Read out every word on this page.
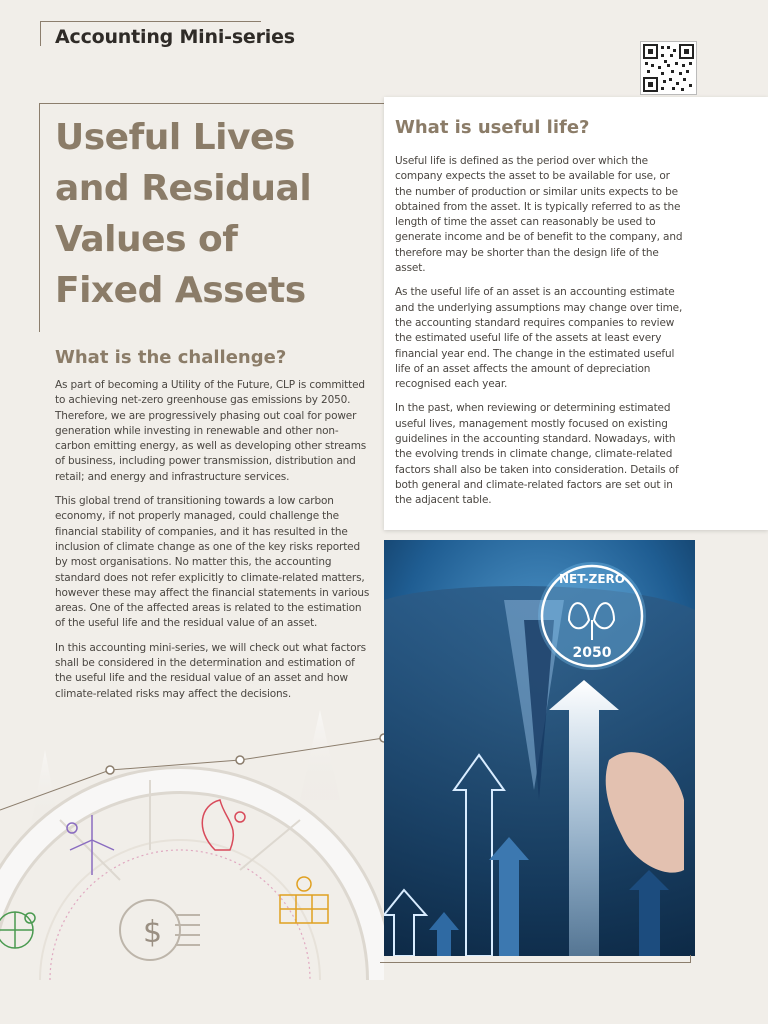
Accounting Mini-series
Useful Lives
and Residual
Values of
Fixed Assets
What is the challenge?

As part of becoming a Utility of the Future, CLP is committed to achieving net-zero greenhouse gas emissions by 2050. Therefore, we are progressively phasing out coal for power generation while investing in renewable and other non-carbon emitting energy, as well as developing other streams of business, including power transmission, distribution and retail; and energy and infrastructure services.

This global trend of transitioning towards a low carbon economy, if not properly managed, could challenge the financial stability of companies, and it has resulted in the inclusion of climate change as one of the key risks reported by most organisations. No matter this, the accounting standard does not refer explicitly to climate-related matters, however these may affect the financial statements in various areas. One of the affected areas is related to the estimation of the useful life and the residual value of an asset.

In this accounting mini-series, we will check out what factors shall be considered in the determination and estimation of the useful life and the residual value of an asset and how climate-related risks may affect the decisions.

What is useful life?

Useful life is defined as the period over which the company expects the asset to be available for use, or the number of production or similar units expects to be obtained from the asset. It is typically referred to as the length of time the asset can reasonably be used to generate income and be of benefit to the company, and therefore may be shorter than the design life of the asset.

As the useful life of an asset is an accounting estimate and the underlying assumptions may change over time, the accounting standard requires companies to review the estimated useful life of the assets at least every financial year end. The change in the estimated useful life of an asset affects the amount of depreciation recognised each year.

In the past, when reviewing or determining estimated useful lives, management mostly focused on existing guidelines in the accounting standard. Nowadays, with the evolving trends in climate change, climate-related factors shall also be taken into consideration. Details of both general and climate-related factors are set out in the adjacent table.

$
NET-ZERO
2050
